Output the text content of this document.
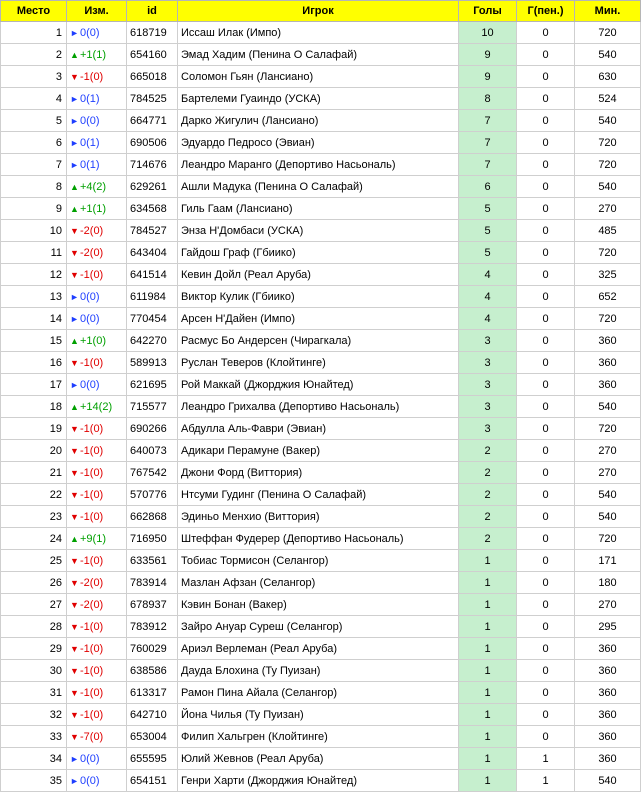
Место	Изм.	id	Игрок	Голы	Г(пен.)	Мин.
1	►0(0)	618719	Иссаш Илак (Импо)	10	0	720
2	▲+1(1)	654160	Эмад Хадим (Пенина О Салафай)	9	0	540
3	▼-1(0)	665018	Соломон Гьян (Лансиано)	9	0	630
4	►0(1)	784525	Бартелеми Гуаиндо (УСКА)	8	0	524
5	►0(0)	664771	Дарко Жигулич (Лансиано)	7	0	540
6	►0(1)	690506	Эдуардо Педросо (Эвиан)	7	0	720
7	►0(1)	714676	Леандро Маранго (Депортиво Насьональ)	7	0	720
8	▲+4(2)	629261	Ашли Мадука (Пенина О Салафай)	6	0	540
9	▲+1(1)	634568	Гиль Гаам (Лансиано)	5	0	270
10	▼-2(0)	784527	Энза Н'Домбаси (УСКА)	5	0	485
11	▼-2(0)	643404	Гайдош Граф (Гбиико)	5	0	720
12	▼-1(0)	641514	Кевин Дойл (Реал Аруба)	4	0	325
13	►0(0)	611984	Виктор Кулик (Гбиико)	4	0	652
14	►0(0)	770454	Арсен Н'Дайен (Импо)	4	0	720
15	▲+1(0)	642270	Расмус Бо Андерсен (Чирагкала)	3	0	360
16	▼-1(0)	589913	Руслан Теверов (Клойтинге)	3	0	360
17	►0(0)	621695	Рой Маккай (Джорджия Юнайтед)	3	0	360
18	▲+14(2)	715577	Леандро Грихалва (Депортиво Насьональ)	3	0	540
19	▼-1(0)	690266	Абдулла Аль-Фаври (Эвиан)	3	0	720
20	▼-1(0)	640073	Адикари Перамуне (Вакер)	2	0	270
21	▼-1(0)	767542	Джони Форд (Виттория)	2	0	270
22	▼-1(0)	570776	Нтсуми Гудинг (Пенина О Салафай)	2	0	540
23	▼-1(0)	662868	Эдиньо Менхио (Виттория)	2	0	540
24	▲+9(1)	716950	Штеффан Фудерер (Депортиво Насьональ)	2	0	720
25	▼-1(0)	633561	Тобиас Тормисон (Селангор)	1	0	171
26	▼-2(0)	783914	Мазлан Афзан (Селангор)	1	0	180
27	▼-2(0)	678937	Кэвин Бонан (Вакер)	1	0	270
28	▼-1(0)	783912	Зайро Ануар Суреш (Селангор)	1	0	295
29	▼-1(0)	760029	Ариэл Верлеман (Реал Аруба)	1	0	360
30	▼-1(0)	638586	Дауда Блохина (Ту Пуизан)	1	0	360
31	▼-1(0)	613317	Рамон Пина Айала (Селангор)	1	0	360
32	▼-1(0)	642710	Йона Чилья (Ту Пуизан)	1	0	360
33	▼-7(0)	653004	Филип Хальгрен (Клойтинге)	1	0	360
34	►0(0)	655595	Юлий Жевнов (Реал Аруба)	1	1	360
35	►0(0)	654151	Генри Харти (Джорджия Юнайтед)	1	1	540
